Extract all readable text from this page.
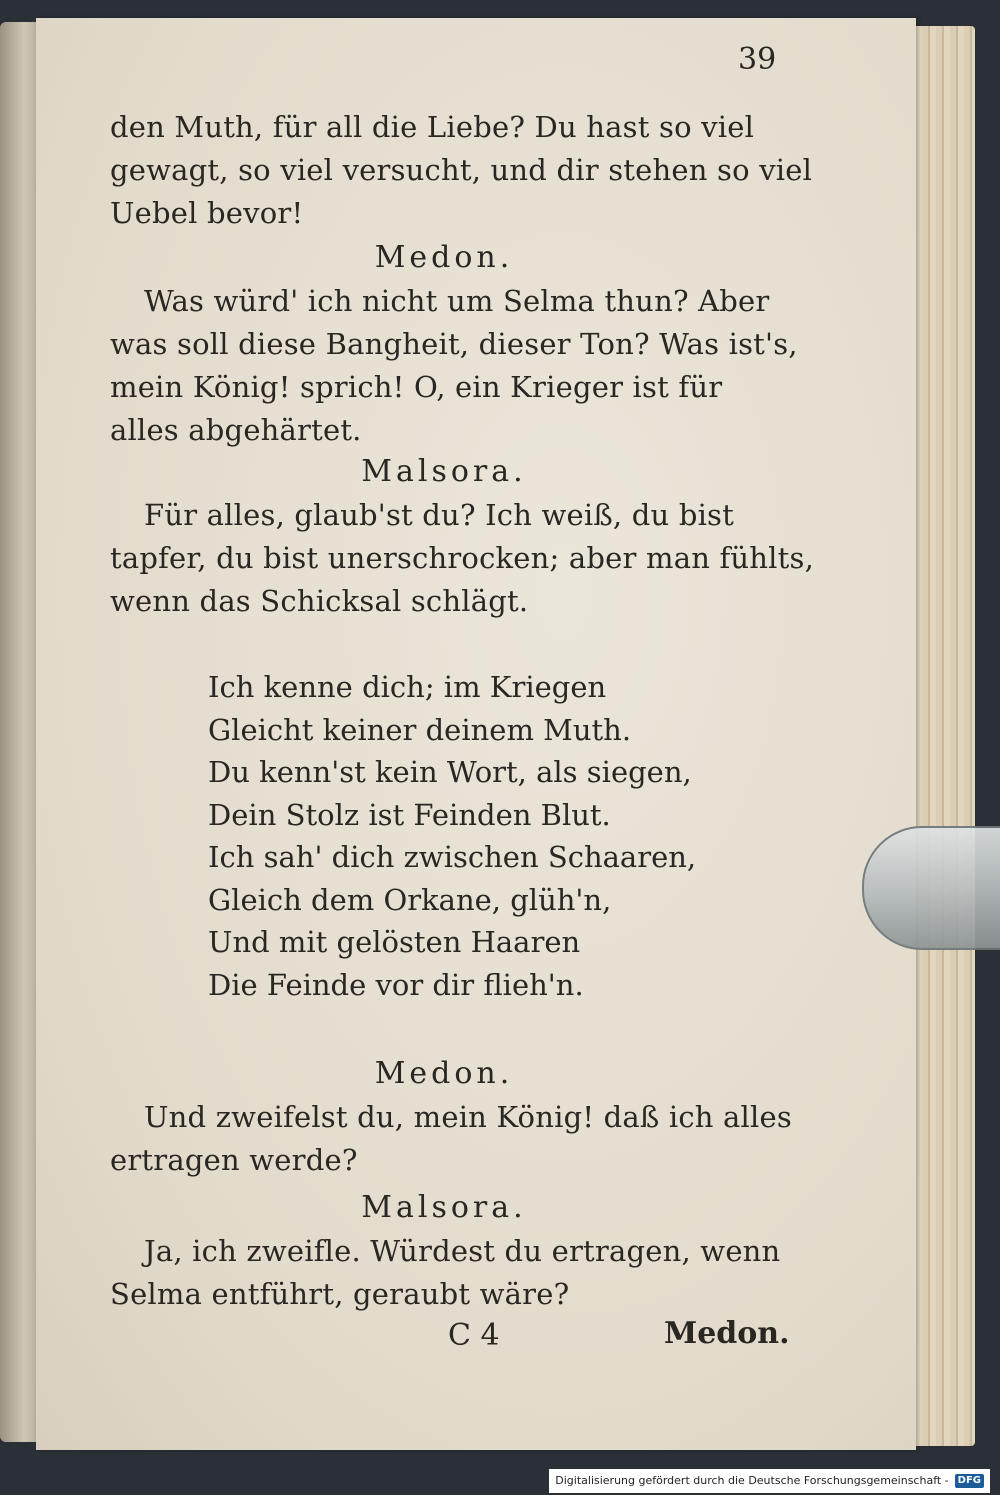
39
den Muth, für all die Liebe? Du hast so viel
gewagt, so viel versucht, und dir stehen so viel
Uebel bevor!
Medon.
Was würd' ich nicht um Selma thun? Aber
was soll diese Bangheit, dieser Ton? Was ist's,
mein König! sprich! O, ein Krieger ist für
alles abgehärtet.
Malsora.
Für alles, glaub'st du? Ich weiß, du bist
tapfer, du bist unerschrocken; aber man fühlts,
wenn das Schicksal schlägt.
Ich kenne dich; im Kriegen
Gleicht keiner deinem Muth.
Du kenn'st kein Wort, als siegen,
Dein Stolz ist Feinden Blut.
Ich sah' dich zwischen Schaaren,
Gleich dem Orkane, glüh'n,
Und mit gelösten Haaren
Die Feinde vor dir flieh'n.
Medon.
Und zweifelst du, mein König! daß ich alles
ertragen werde?
Malsora.
Ja, ich zweifle. Würdest du ertragen, wenn
Selma entführt, geraubt wäre?
C 4	Medon.
Digitalisierung gefördert durch die Deutsche Forschungsgemeinschaft - DFG
